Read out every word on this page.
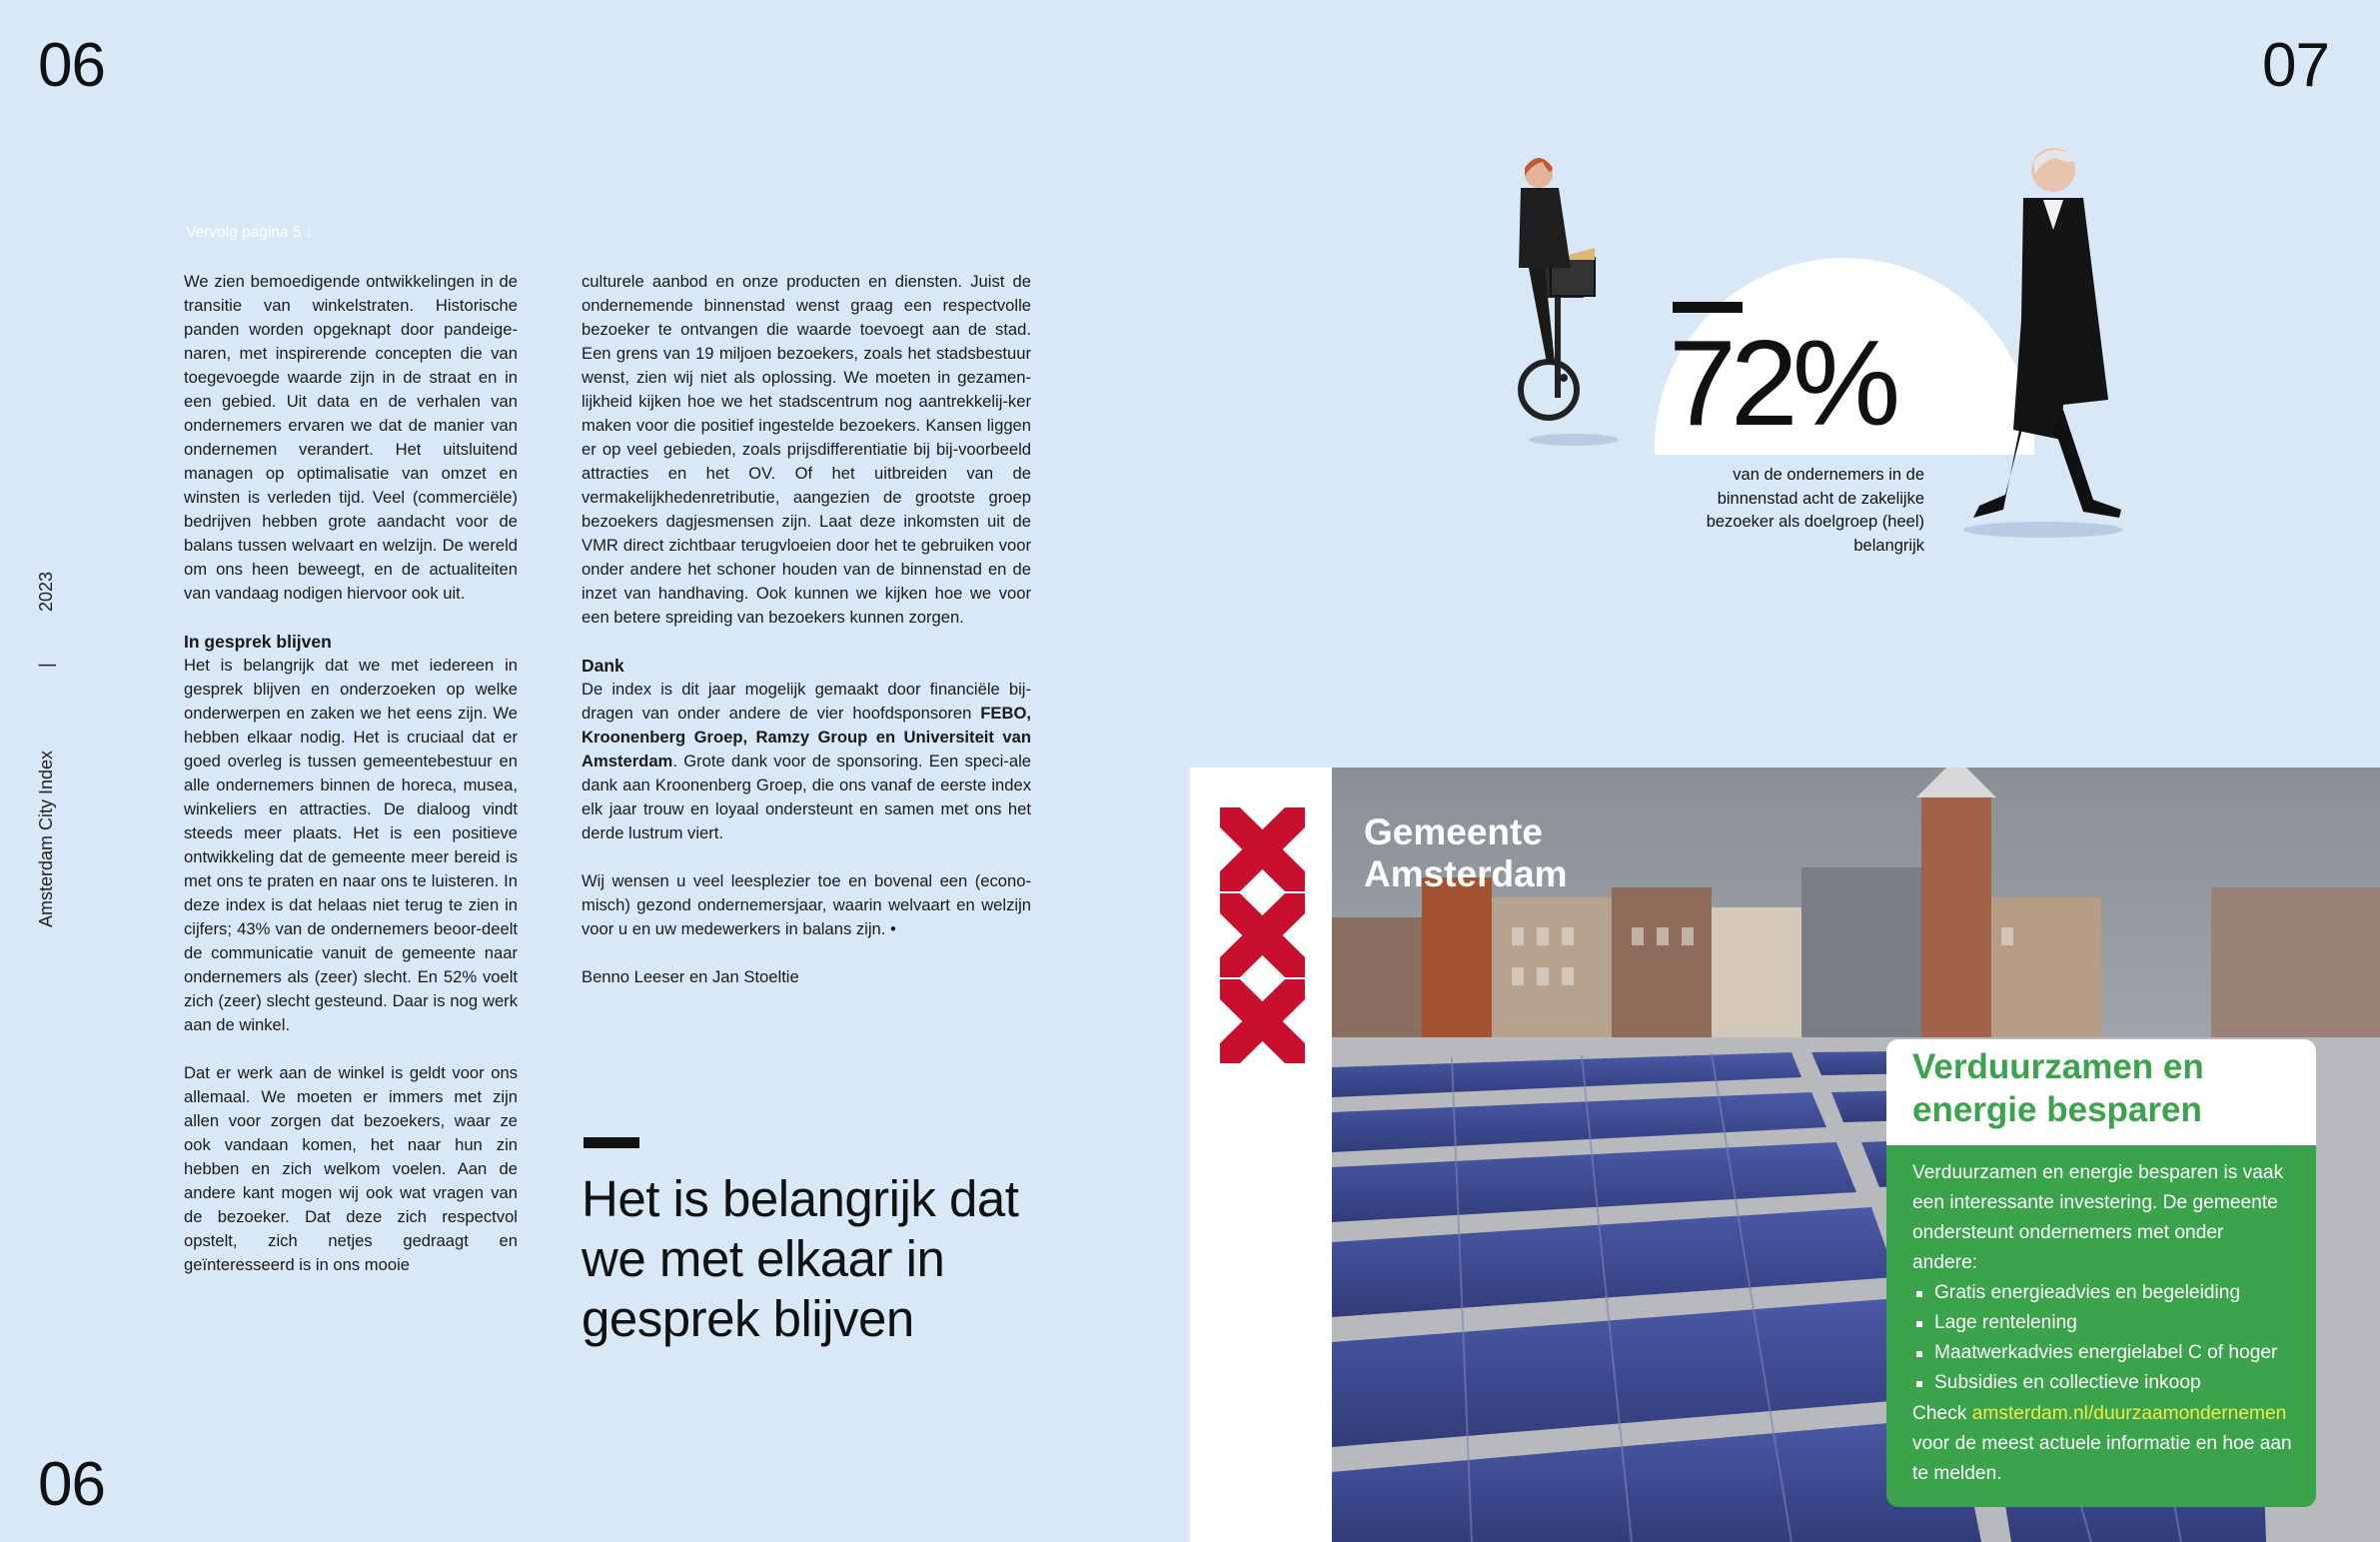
06
06
07
2023
|
Amsterdam City Index
Vervolg pagina 5 ↓

We zien bemoedigende ontwikkelingen in de transitie van winkelstraten. Historische panden worden opgeknapt door pandeige-naren, met inspirerende concepten die van toegevoegde waarde zijn in de straat en in een gebied. Uit data en de verhalen van ondernemers ervaren we dat de manier van ondernemen verandert. Het uitsluitend managen op optimalisatie van omzet en winsten is verleden tijd. Veel (commerciële) bedrijven hebben grote aandacht voor de balans tussen welvaart en welzijn. De wereld om ons heen beweegt, en de actualiteiten van vandaag nodigen hiervoor ook uit.

In gesprek blijven

Het is belangrijk dat we met iedereen in gesprek blijven en onderzoeken op welke onderwerpen en zaken we het eens zijn. We hebben elkaar nodig. Het is cruciaal dat er goed overleg is tussen gemeentebestuur en alle ondernemers binnen de horeca, musea, winkeliers en attracties. De dialoog vindt steeds meer plaats. Het is een positieve ontwikkeling dat de gemeente meer bereid is met ons te praten en naar ons te luisteren. In deze index is dat helaas niet terug te zien in cijfers; 43% van de ondernemers beoor-deelt de communicatie vanuit de gemeente naar ondernemers als (zeer) slecht. En 52% voelt zich (zeer) slecht gesteund. Daar is nog werk aan de winkel.

Dat er werk aan de winkel is geldt voor ons allemaal. We moeten er immers met zijn allen voor zorgen dat bezoekers, waar ze ook vandaan komen, het naar hun zin hebben en zich welkom voelen. Aan de andere kant mogen wij ook wat vragen van de bezoeker. Dat deze zich respectvol opstelt, zich netjes gedraagt en geïnteresseerd is in ons mooie

culturele aanbod en onze producten en diensten. Juist de ondernemende binnenstad wenst graag een respectvolle bezoeker te ontvangen die waarde toevoegt aan de stad. Een grens van 19 miljoen bezoekers, zoals het stadsbestuur wenst, zien wij niet als oplossing. We moeten in gezamen-lijkheid kijken hoe we het stadscentrum nog aantrekkelij-ker maken voor die positief ingestelde bezoekers. Kansen liggen er op veel gebieden, zoals prijsdifferentiatie bij bij-voorbeeld attracties en het OV. Of het uitbreiden van de vermakelijkhedenretributie, aangezien de grootste groep bezoekers dagjesmensen zijn. Laat deze inkomsten uit de VMR direct zichtbaar terugvloeien door het te gebruiken voor onder andere het schoner houden van de binnenstad en de inzet van handhaving. Ook kunnen we kijken hoe we voor een betere spreiding van bezoekers kunnen zorgen.

Dank

De index is dit jaar mogelijk gemaakt door financiële bij-dragen van onder andere de vier hoofdsponsoren FEBO, Kroonenberg Groep, Ramzy Group en Universiteit van Amsterdam. Grote dank voor de sponsoring. Een speci-ale dank aan Kroonenberg Groep, die ons vanaf de eerste index elk jaar trouw en loyaal ondersteunt en samen met ons het derde lustrum viert.

Wij wensen u veel leesplezier toe en bovenal een (econo-misch) gezond ondernemersjaar, waarin welvaart en welzijn voor u en uw medewerkers in balans zijn. •

Benno Leeser en Jan Stoeltie

Het is belangrijk dat we met elkaar in gesprek blijven
72%
van de ondernemers in de binnenstad acht de zakelijke bezoeker als doelgroep (heel) belangrijk
Gemeente
Amsterdam
Verduurzamen en energie besparen
Verduurzamen en energie besparen is vaak een interessante investering. De gemeente ondersteunt ondernemers met onder andere:
Gratis energieadvies en begeleiding
Lage rentelening
Maatwerkadvies energielabel C of hoger
Subsidies en collectieve inkoop
Check amsterdam.nl/duurzaamondernemen voor de meest actuele informatie en hoe aan te melden.
